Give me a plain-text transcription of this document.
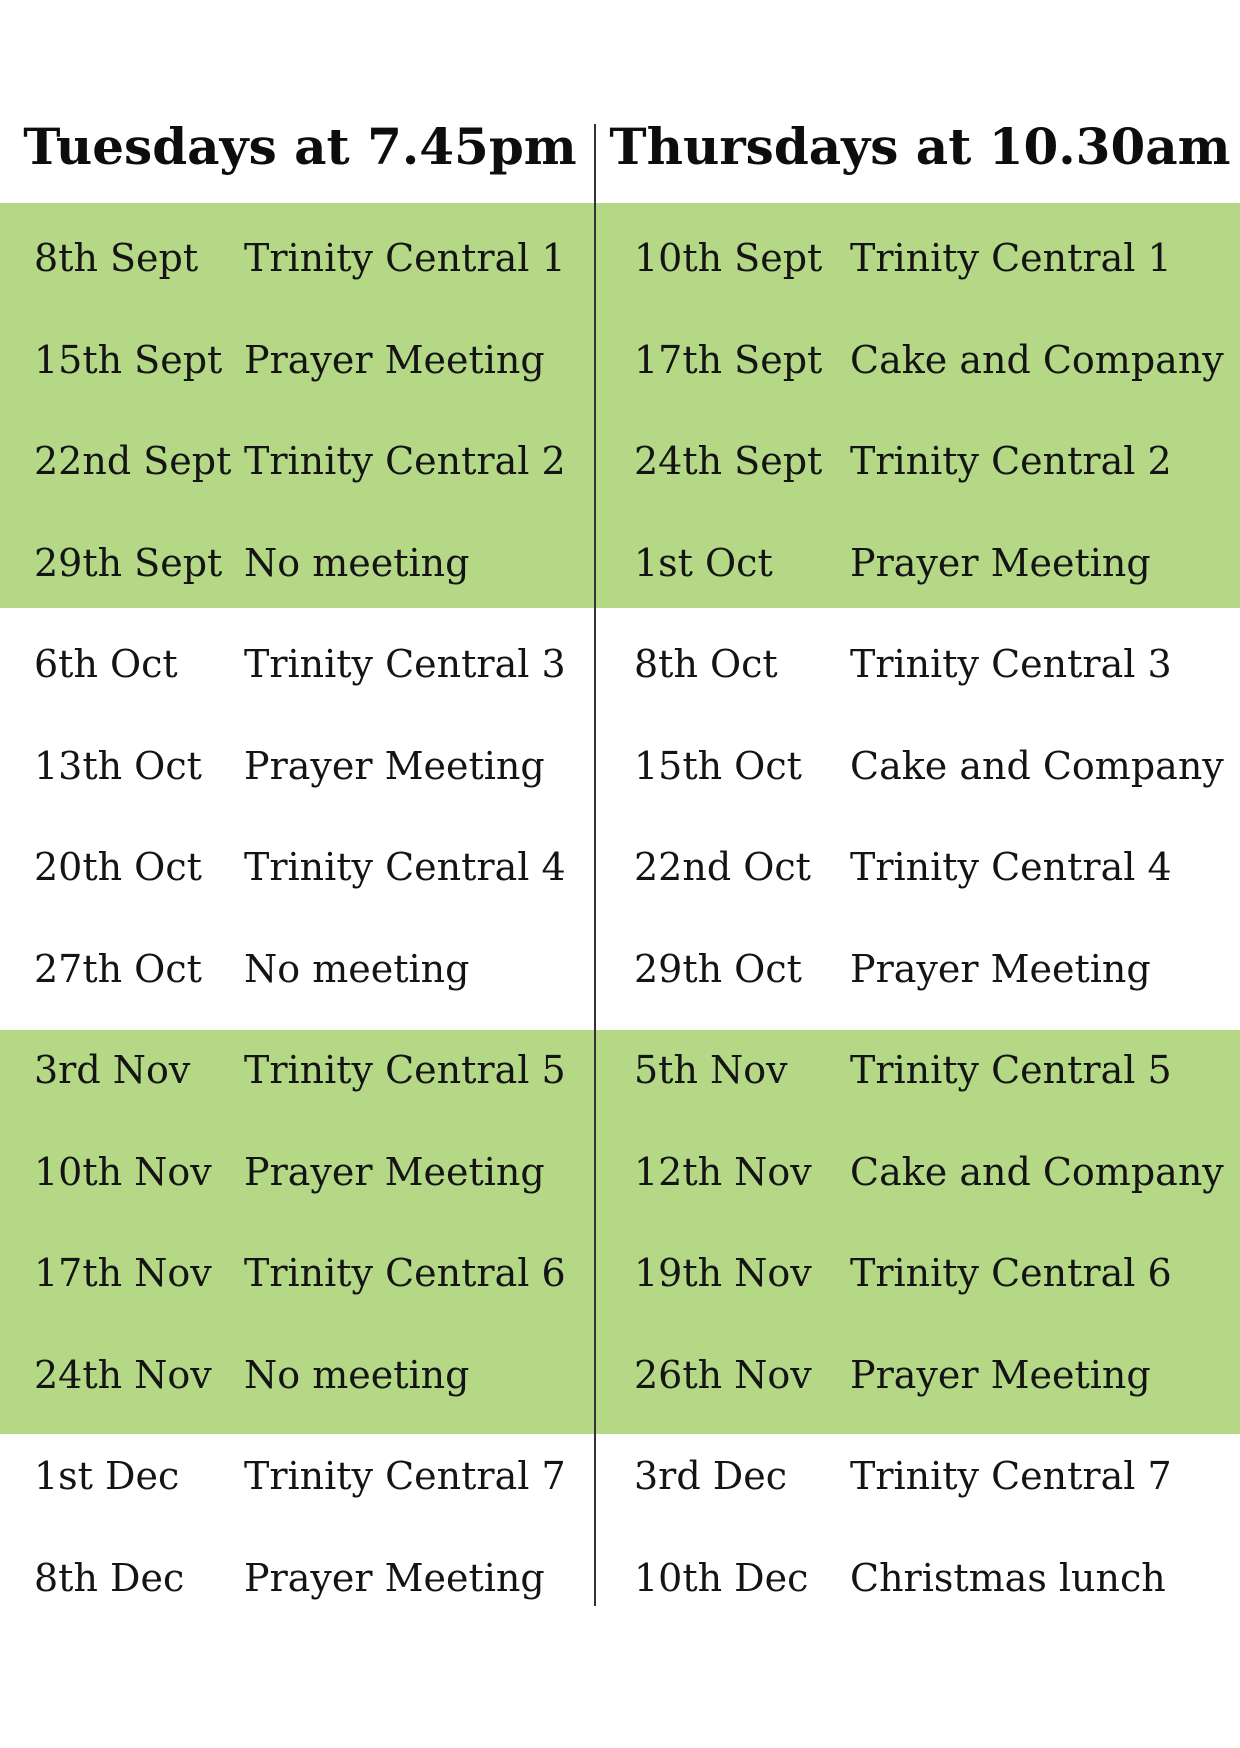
Tuesdays at 7.45pm Thursdays at 10.30am
8th Sept Trinity Central 1 10th Sept Trinity Central 1
15th Sept Prayer Meeting 17th Sept Cake and Company
22nd Sept Trinity Central 2 24th Sept Trinity Central 2
29th Sept No meeting	1st Oct Prayer Meeting
6th Oct Trinity Central 3 8th Oct Trinity Central 3
13th Oct Prayer Meeting 15th Oct Cake and Company
20th Oct Trinity Central 4 22nd Oct Trinity Central 4
27th Oct No meeting	29th Oct Prayer Meeting
3rd Nov Trinity Central 5 5th Nov Trinity Central 5
10th Nov Prayer Meeting 12th Nov Cake and Company
17th Nov Trinity Central 6 19th Nov Trinity Central 6
24th Nov No meeting	26th Nov Prayer Meeting
1st Dec Trinity Central 7 3rd Dec Trinity Central 7
8th Dec Prayer Meeting 10th Dec Christmas lunch
